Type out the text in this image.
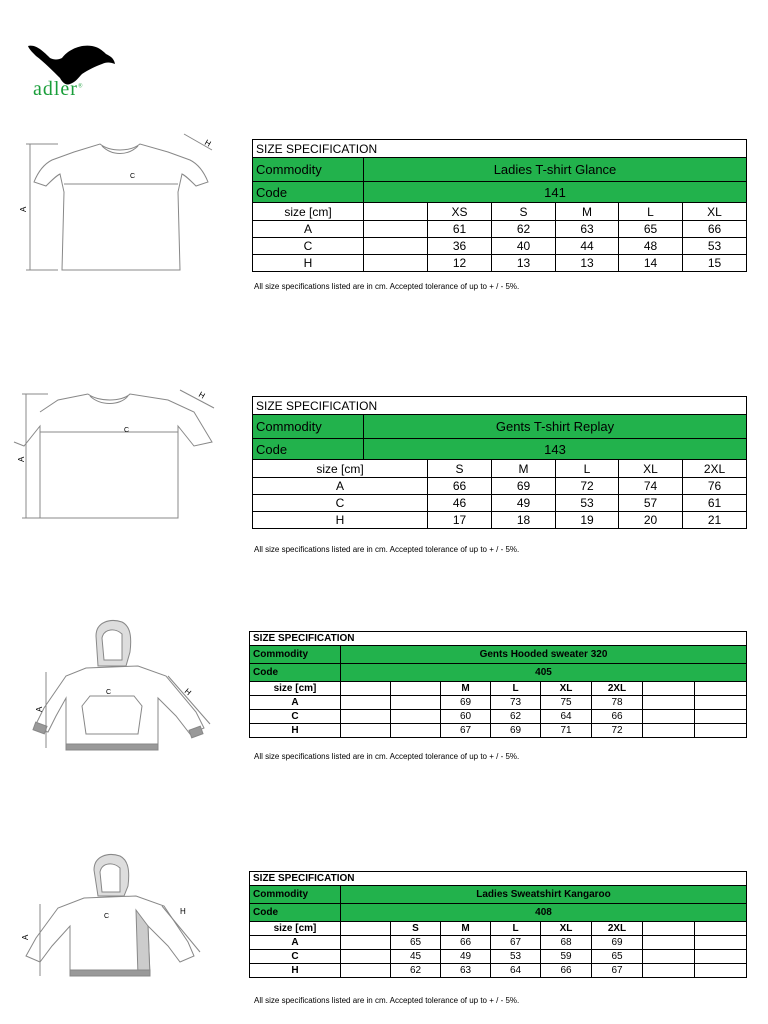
adler®
C
H
A
SIZE SPECIFICATION						
Commodity	Ladies T-shirt Glance					
Code	141					
size [cm]		XS	S	M	L	XL
A		61	62	63	65	66
C		36	40	44	48	53
H		12	13	13	14	15
All size specifications listed are in cm. Accepted tolerance of up to + / - 5%.
C
H
A
SIZE SPECIFICATION						
Commodity	Gents T-shirt Replay					
Code	143					
size [cm]		S	M	L	XL	2XL
A		66	69	72	74	76
C		46	49	53	57	61
H		17	18	19	20	21
All size specifications listed are in cm. Accepted tolerance of up to + / - 5%.
C	H
A
SIZE SPECIFICATION								
Commodity	Gents Hooded sweater 320							
Code	405							
size [cm]			M	L	XL	2XL		
A			69	73	75	78		
C			60	62	64	66		
H			67	69	71	72		
All size specifications listed are in cm. Accepted tolerance of up to + / - 5%.
C
H
A
SIZE SPECIFICATION								
Commodity	Ladies Sweatshirt Kangaroo							
Code	408							
size [cm]		S	M	L	XL	2XL		
A		65	66	67	68	69		
C		45	49	53	59	65		
H		62	63	64	66	67		
All size specifications listed are in cm. Accepted tolerance of up to + / - 5%.
